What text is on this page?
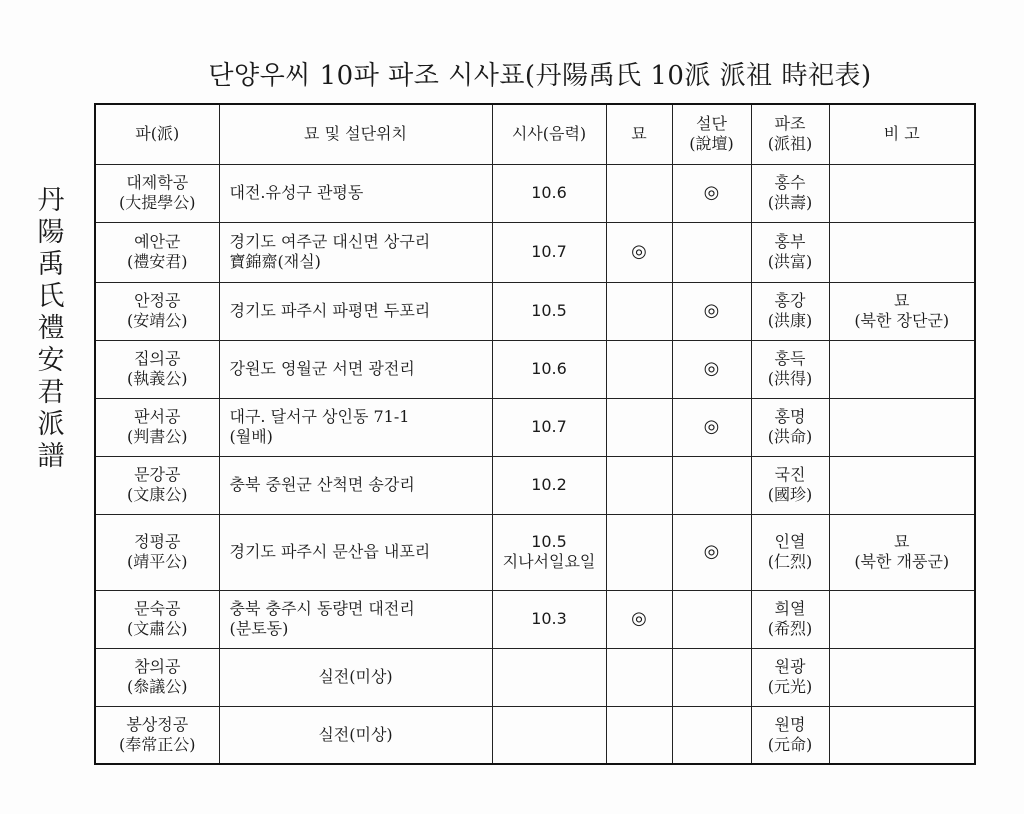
단양우씨 10파 파조 시사표(丹陽禹氏 10派 派祖 時祀表)
丹
陽
禹
氏
禮
安
君
派
譜
파(派)	묘 및 설단위치	시사(음력)	묘	설단
(說壇)	파조
(派祖)	비 고

대제학공
(大提學公)	대전.유성구 관평동	10.6		◎	홍수
(洪壽)	

예안군
(禮安君)	경기도 여주군 대신면 상구리
寶錦齋(재실)	10.7	◎		홍부
(洪富)	

안정공
(安靖公)	경기도 파주시 파평면 두포리	10.5		◎	홍강
(洪康)	묘
(북한 장단군)

집의공
(執義公)	강원도 영월군 서면 광전리	10.6		◎	홍득
(洪得)	

판서공
(判書公)	대구. 달서구 상인동 71-1
(월배)	10.7		◎	홍명
(洪命)	

문강공
(文康公)	충북 중원군 산척면 송강리	10.2			국진
(國珍)	

정평공
(靖平公)	경기도 파주시 문산읍 내포리	10.5
지나서일요일		◎	인열
(仁烈)	묘
(북한 개풍군)

문숙공
(文肅公)	충북 충주시 동량면 대전리
(분토동)	10.3	◎		희열
(希烈)	

참의공
(叅議公)	실전(미상)				원광
(元光)	

봉상정공
(奉常正公)	실전(미상)				원명
(元命)	
